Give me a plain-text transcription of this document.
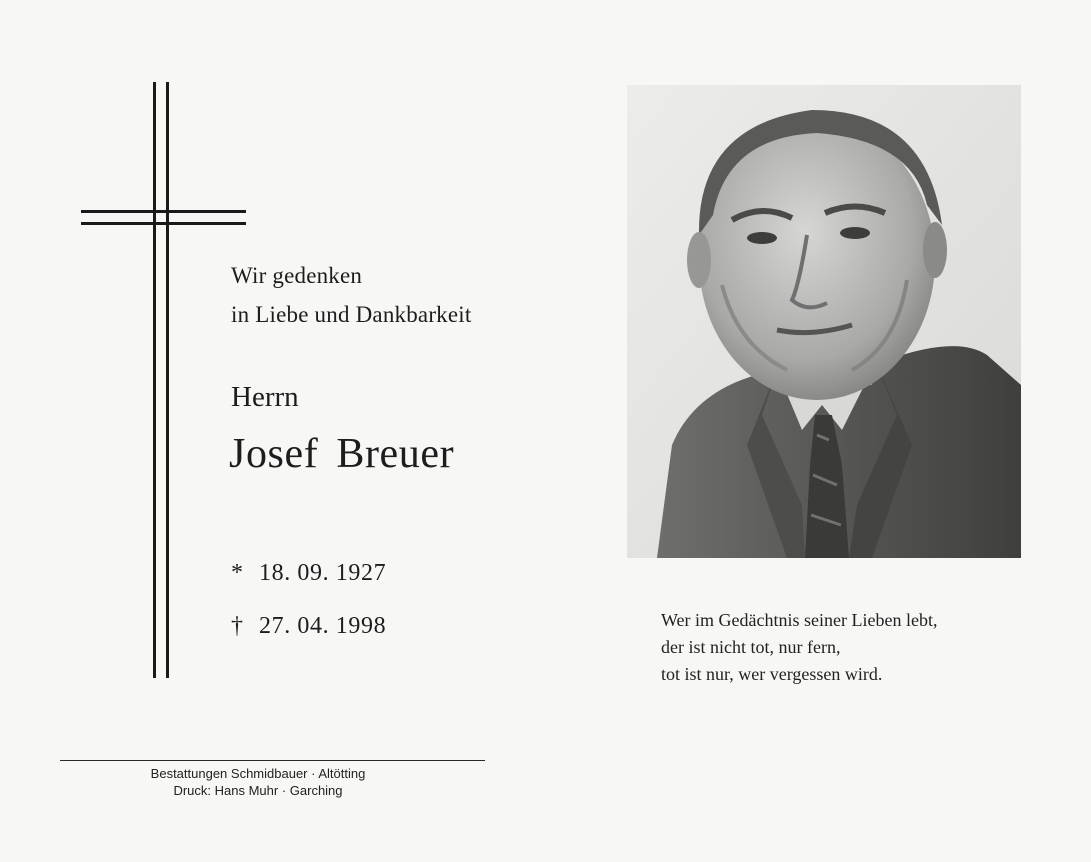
Wir gedenken
in Liebe und Dankbarkeit
Herrn
Josef Breuer
* 18. 09. 1927
† 27. 04. 1998	Wer im Gedächtnis seiner Lieben lebt,
der ist nicht tot, nur fern,
tot ist nur, wer vergessen wird.
Bestattungen Schmidbauer · Altötting
Druck: Hans Muhr · Garching
